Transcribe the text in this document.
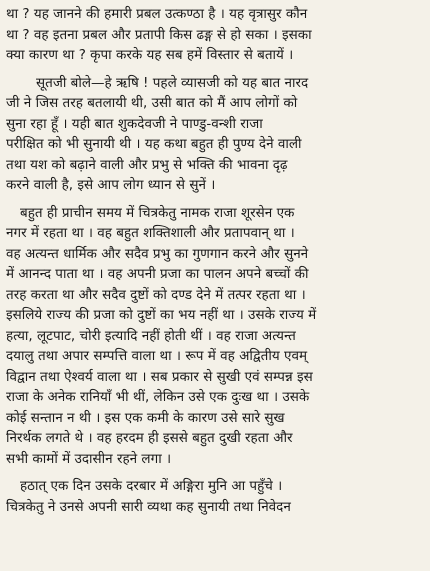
था ? यह जानने की हमारी प्रबल उत्कण्ठा है । यह वृत्रासुर कौन
था ? वह इतना प्रबल और प्रतापी किस ढङ्ग से हो सका । इसका
क्या कारण था ? कृपा करके यह सब हमें विस्तार से बतायें ।
सूतजी बोले—हे ऋषि ! पहले व्यासजी को यह बात नारद
जी ने जिस तरह बतलायी थी, उसी बात को मैं आप लोगों को
सुना रहा हूँ । यही बात शुकदेवजी ने पाण्डु-वन्शी राजा
परीक्षित को भी सुनायी थी । यह कथा बहुत ही पुण्य देने वाली
तथा यश को बढ़ाने वाली और प्रभु से भक्ति की भावना दृढ़
करने वाली है, इसे आप लोग ध्यान से सुनें ।
बहुत ही प्राचीन समय में चित्रकेतु नामक राजा शूरसेन एक
नगर में रहता था । वह बहुत शक्तिशाली और प्रतापवान् था ।
वह अत्यन्त धार्मिक और सदैव प्रभु का गुणगान करने और सुनने
में आनन्द पाता था । वह अपनी प्रजा का पालन अपने बच्चों की
तरह करता था और सदैव दुष्टों को दण्ड देने में तत्पर रहता था ।
इसलिये राज्य की प्रजा को दुष्टों का भय नहीं था । उसके राज्य में
हत्या, लूटपाट, चोरी इत्यादि नहीं होती थीं । वह राजा अत्यन्त
दयालु तथा अपार सम्पत्ति वाला था । रूप में वह अद्वितीय एवम्
विद्वान तथा ऐश्वर्य वाला था । सब प्रकार से सुखी एवं सम्पन्न इस
राजा के अनेक रानियाँ भी थीं, लेकिन उसे एक दुःख था । उसके
कोई सन्तान न थी । इस एक कमी के कारण उसे सारे सुख
निरर्थक लगते थे । वह हरदम ही इससे बहुत दुखी रहता और
सभी कामों में उदासीन रहने लगा ।
हठात् एक दिन उसके दरबार में अङ्गिरा मुनि आ पहुँचे ।
चित्रकेतु ने उनसे अपनी सारी व्यथा कह सुनायी तथा निवेदन
